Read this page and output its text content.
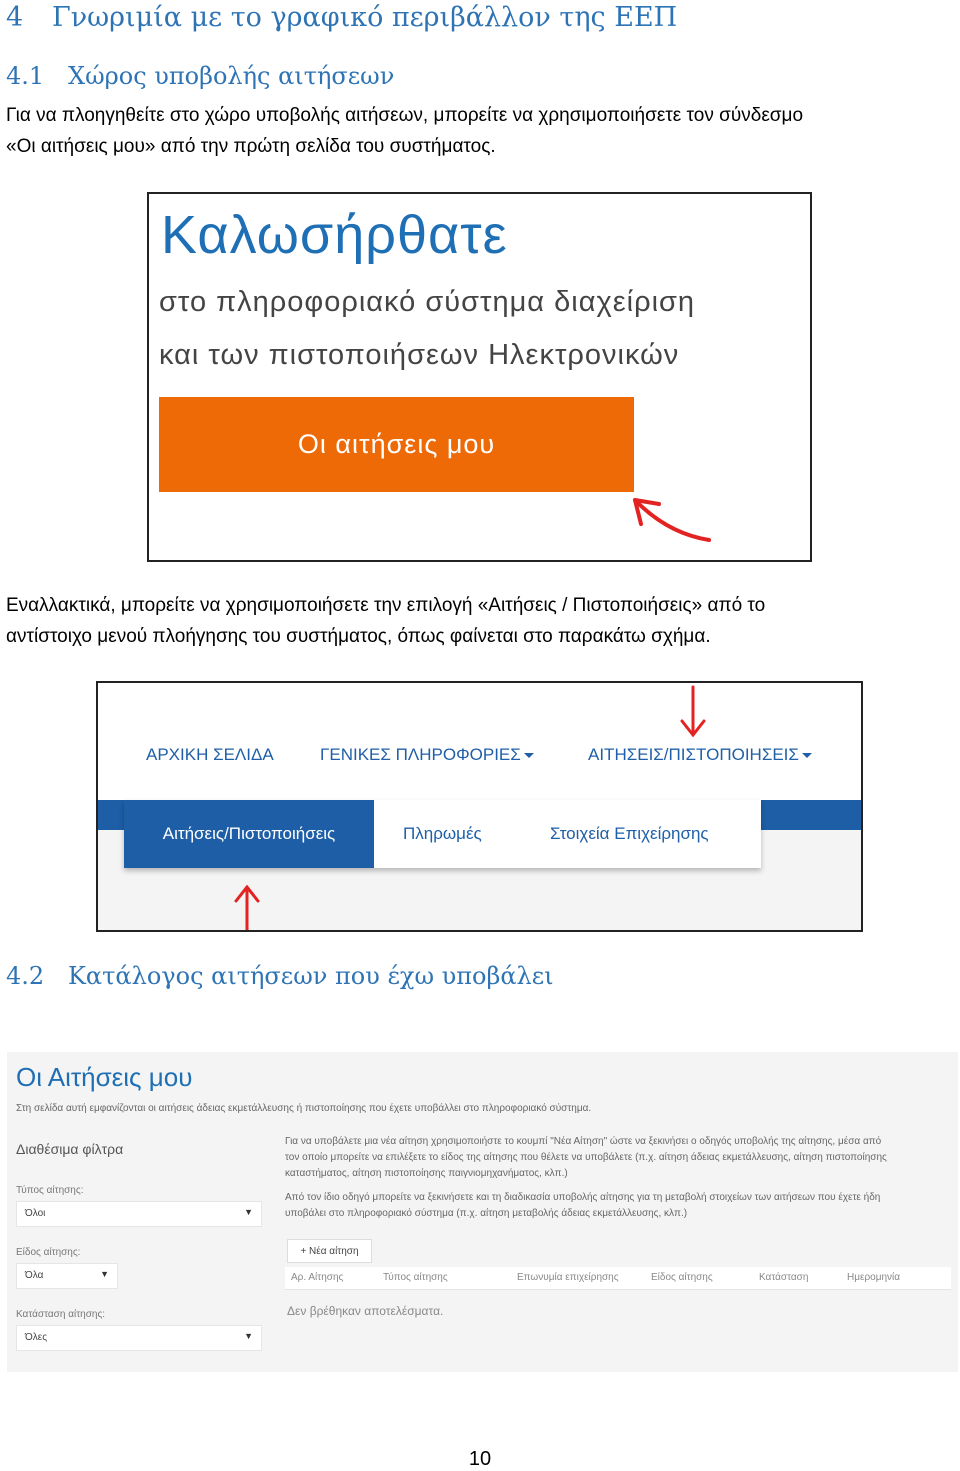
4 Γνωριμία με το γραφικό περιβάλλον της ΕΕΠ
4.1 Χώρος υποβολής αιτήσεων
Για να πλοηγηθείτε στο χώρο υποβολής αιτήσεων, μπορείτε να χρησιμοποιήσετε τον σύνδεσμο
«Οι αιτήσεις μου» από την πρώτη σελίδα του συστήματος.
Καλωσήρθατε
στο πληροφοριακό σύστημα διαχείριση
και των πιστοποιήσεων Ηλεκτρονικών
Οι αιτήσεις μου
Εναλλακτικά, μπορείτε να χρησιμοποιήσετε την επιλογή «Αιτήσεις / Πιστοποιήσεις» από το
αντίστοιχο μενού πλοήγησης του συστήματος, όπως φαίνεται στο παρακάτω σχήμα.
ΑΡΧΙΚΗ ΣΕΛΙΔΑ	ΓΕΝΙΚΕΣ ΠΛΗΡΟΦΟΡΙΕΣ	ΑΙΤΗΣΕΙΣ/ΠΙΣΤΟΠΟΙΗΣΕΙΣ
Αιτήσεις/Πιστοποιήσεις	Πληρωμές	Στοιχεία Επιχείρησης
4.2 Κατάλογος αιτήσεων που έχω υποβάλει
Οι Αιτήσεις μου
Στη σελίδα αυτή εμφανίζονται οι αιτήσεις άδειας εκμετάλλευσης ή πιστοποίησης που έχετε υποβάλλει στο πληροφοριακό σύστημα.
Διαθέσιμα φίλτρα
Τύπος αίτησης:
Όλοι	▼
Είδος αίτησης:
Όλα	▼
Κατάσταση αίτησης:
Όλες	▼
Για να υποβάλετε μια νέα αίτηση χρησιμοποιήστε το κουμπί "Νέα Αίτηση" ώστε να ξεκινήσει ο οδηγός υποβολής της αίτησης, μέσα από
τον οποίο μπορείτε να επιλέξετε το είδος της αίτησης που θέλετε να υποβάλετε (π.χ. αίτηση άδειας εκμετάλλευσης, αίτηση πιστοποίησης
καταστήματος, αίτηση πιστοποίησης παιγνιομηχανήματος, κλπ.)
Από τον ίδιο οδηγό μπορείτε να ξεκινήσετε και τη διαδικασία υποβολής αίτησης για τη μεταβολή στοιχείων των αιτήσεων που έχετε ήδη
υποβάλει στο πληροφοριακό σύστημα (π.χ. αίτηση μεταβολής άδειας εκμετάλλευσης, κλπ.)
+ Νέα αίτηση
Αρ. Αίτησης	Τύπος αίτησης	Επωνυμία επιχείρησης	Είδος αίτησης	Κατάσταση	Ημερομηνία
Δεν βρέθηκαν αποτελέσματα.
10
